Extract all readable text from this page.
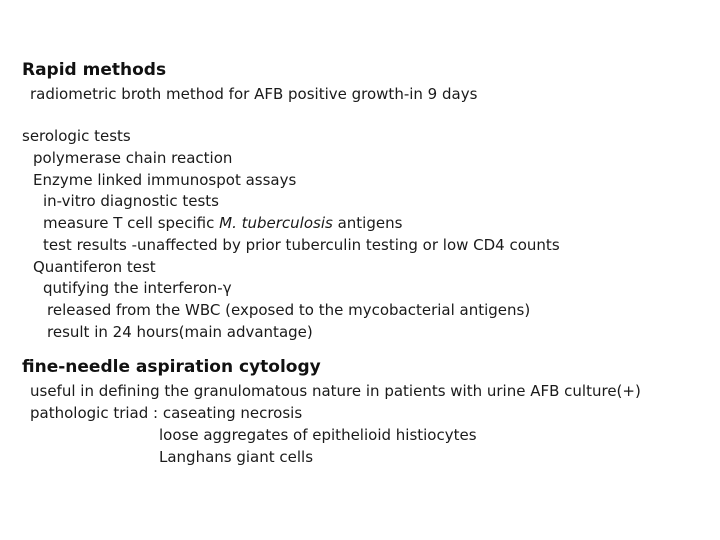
Rapid methods
radiometric broth method for AFB positive growth-in 9 days
serologic tests
polymerase chain reaction
Enzyme linked immunospot assays
in-vitro diagnostic tests
measure T cell specific M. tuberculosis antigens
test results -unaffected by prior tuberculin testing or low CD4 counts
Quantiferon test
qutifying the interferon-γ
released from the WBC (exposed to the mycobacterial antigens)
result in 24 hours(main advantage)
fine-needle aspiration cytology
useful in defining the granulomatous nature in patients with urine AFB culture(+)
pathologic triad : caseating necrosis
loose aggregates of epithelioid histiocytes
Langhans giant cells
